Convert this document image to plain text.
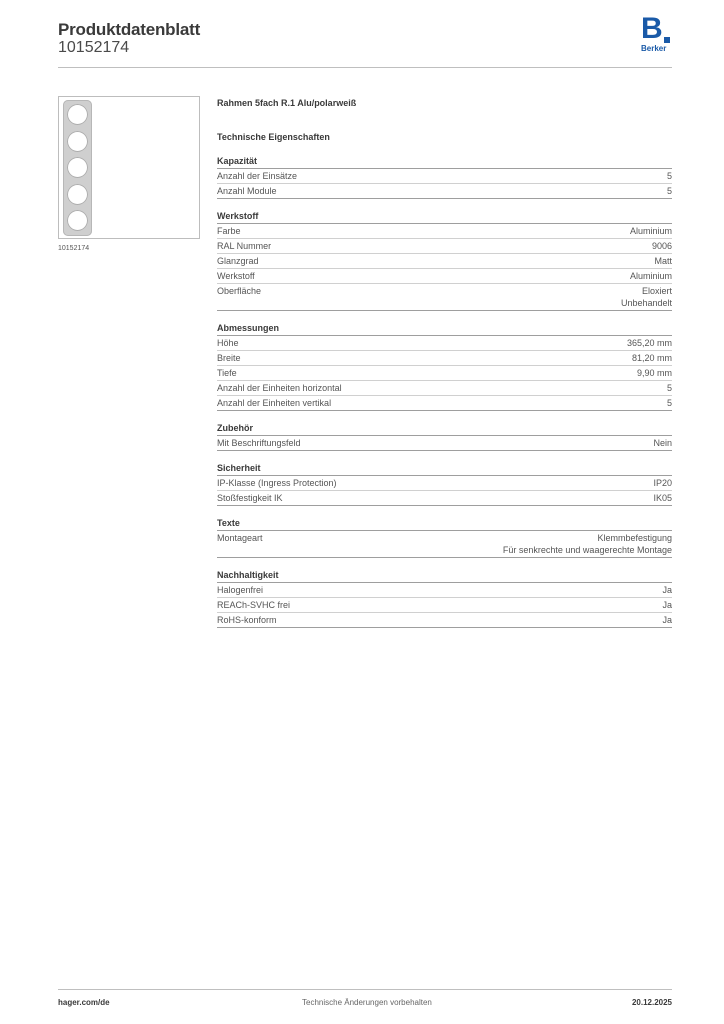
Produktdatenblatt
10152174
B
Berker
10152174
Rahmen 5fach R.1 Alu/polarweiß
Technische Eigenschaften
Kapazität
Anzahl der Einsätze	5
Anzahl Module	5
Werkstoff
Farbe	Aluminium
RAL Nummer	9006
Glanzgrad	Matt
Werkstoff	Aluminium
Oberfläche	Eloxiert
Unbehandelt
Abmessungen
Höhe	365,20 mm
Breite	81,20 mm
Tiefe	9,90 mm
Anzahl der Einheiten horizontal	5
Anzahl der Einheiten vertikal	5
Zubehör
Mit Beschriftungsfeld	Nein
Sicherheit
IP-Klasse (Ingress Protection)	IP20
Stoßfestigkeit IK	IK05
Texte
Montageart	Klemmbefestigung
Für senkrechte und waagerechte Montage
Nachhaltigkeit
Halogenfrei	Ja
REACh-SVHC frei	Ja
RoHS-konform	Ja
hager.com/de	Technische Änderungen vorbehalten	20.12.2025
